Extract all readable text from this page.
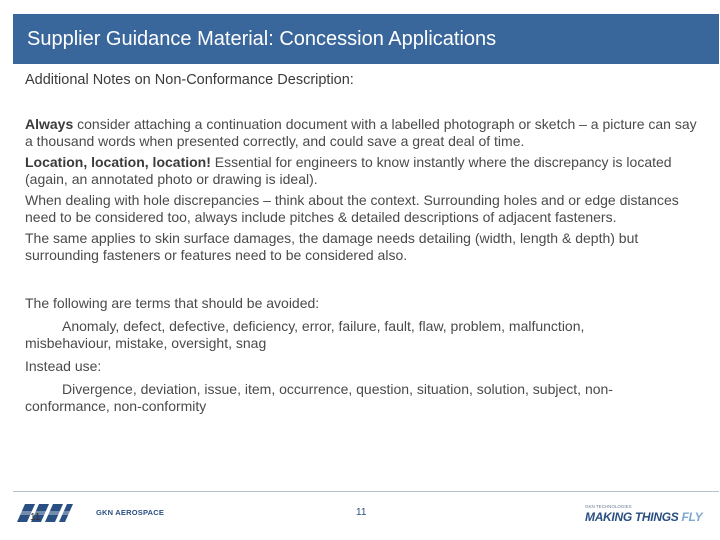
Supplier Guidance Material: Concession Applications
Additional Notes on Non-Conformance Description:
Always consider attaching a continuation document with a labelled photograph or sketch – a picture can say a thousand words when presented correctly, and could save a great deal of time.
Location, location, location! Essential for engineers to know instantly where the discrepancy is located (again, an annotated photo or drawing is ideal).
When dealing with hole discrepancies – think about the context. Surrounding holes and or edge distances need to be considered too, always include pitches & detailed descriptions of adjacent fasteners.
The same applies to skin surface damages, the damage needs detailing (width, length & depth) but surrounding fasteners or features need to be considered also.
The following are terms that should be avoided:
Anomaly, defect, defective, deficiency, error, failure, fault, flaw, problem, malfunction,
misbehaviour, mistake, oversight, snag
Instead use:
Divergence, deviation, issue, item, occurrence, question, situation, solution, subject, non-
conformance, non-conformity
11	GKN AEROSPACE	11
GKN TECHNOLOGIES
MAKING THINGS FLY
